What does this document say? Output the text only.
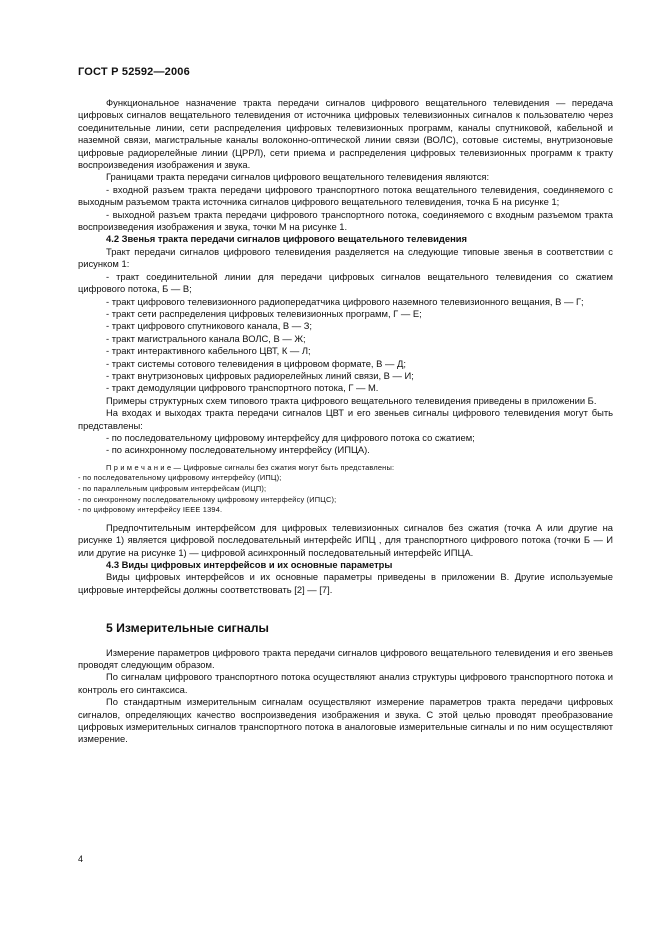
ГОСТ Р 52592—2006

Функциональное назначение тракта передачи сигналов цифрового вещательного телевидения — передача цифровых сигналов вещательного телевидения от источника цифровых телевизионных сигналов к пользователю через соединительные линии, сети распределения цифровых телевизионных программ, каналы спутниковой, кабельной и наземной связи, магистральные каналы волоконно-оптической линии связи (ВОЛС), сотовые системы, внутризоновые цифровые радиорелейные линии (ЦРРЛ), сети приема и распределения цифровых телевизионных программ к тракту воспроизведения изображения и звука.

Границами тракта передачи сигналов цифрового вещательного телевидения являются:

- входной разъем тракта передачи цифрового транспортного потока вещательного телевидения, соединяемого с выходным разъемом тракта источника сигналов цифрового вещательного телевидения, точка Б на рисунке 1;

- выходной разъем тракта передачи цифрового транспортного потока, соединяемого с входным разъемом тракта воспроизведения изображения и звука, точки М на рисунке 1.

4.2 Звенья тракта передачи сигналов цифрового вещательного телевидения

Тракт передачи сигналов цифрового телевидения разделяется на следующие типовые звенья в соответствии с рисунком 1:

- тракт соединительной линии для передачи цифровых сигналов вещательного телевидения со сжатием цифрового потока, Б — В;

- тракт цифрового телевизионного радиопередатчика цифрового наземного телевизионного вещания, В — Г;

- тракт сети распределения цифровых телевизионных программ, Г — Е;

- тракт цифрового спутникового канала, В — З;

- тракт магистрального канала ВОЛС, В — Ж;

- тракт интерактивного кабельного ЦВТ, К — Л;

- тракт системы сотового телевидения в цифровом формате, В — Д;

- тракт внутризоновых цифровых радиорелейных линий связи, В — И;

- тракт демодуляции цифрового транспортного потока, Г — М.

Примеры структурных схем типового тракта цифрового вещательного телевидения приведены в приложении Б.

На входах и выходах тракта передачи сигналов ЦВТ и его звеньев сигналы цифрового телевидения могут быть представлены:

- по последовательному цифровому интерфейсу для цифрового потока со сжатием;

- по асинхронному последовательному интерфейсу (ИПЦА).

П р и м е ч а н и е — Цифровые сигналы без сжатия могут быть представлены:

- по последовательному цифровому интерфейсу (ИПЦ);

- по параллельным цифровым интерфейсам (ИЦП);

- по синхронному последовательному цифровому интерфейсу (ИПЦС);

- по цифровому интерфейсу IEEE 1394.

Предпочтительным интерфейсом для цифровых телевизионных сигналов без сжатия (точка А или другие на рисунке 1) является цифровой последовательный интерфейс ИПЦ , для транспортного цифрового потока (точки Б — И или другие на рисунке 1) — цифровой асинхронный последовательный интерфейс ИПЦА.

4.3 Виды цифровых интерфейсов и их основные параметры

Виды цифровых интерфейсов и их основные параметры приведены в приложении В. Другие используемые цифровые интерфейсы должны соответствовать [2] — [7].

5 Измерительные сигналы

Измерение параметров цифрового тракта передачи сигналов цифрового вещательного телевидения и его звеньев проводят следующим образом.

По сигналам цифрового транспортного потока осуществляют анализ структуры цифрового транспортного потока и контроль его синтаксиса.

По стандартным измерительным сигналам осуществляют измерение параметров тракта передачи цифровых сигналов, определяющих качество воспроизведения изображения и звука. С этой целью проводят преобразование цифровых измерительных сигналов транспортного потока в аналоговые измерительные сигналы и по ним осуществляют измерение.

4
